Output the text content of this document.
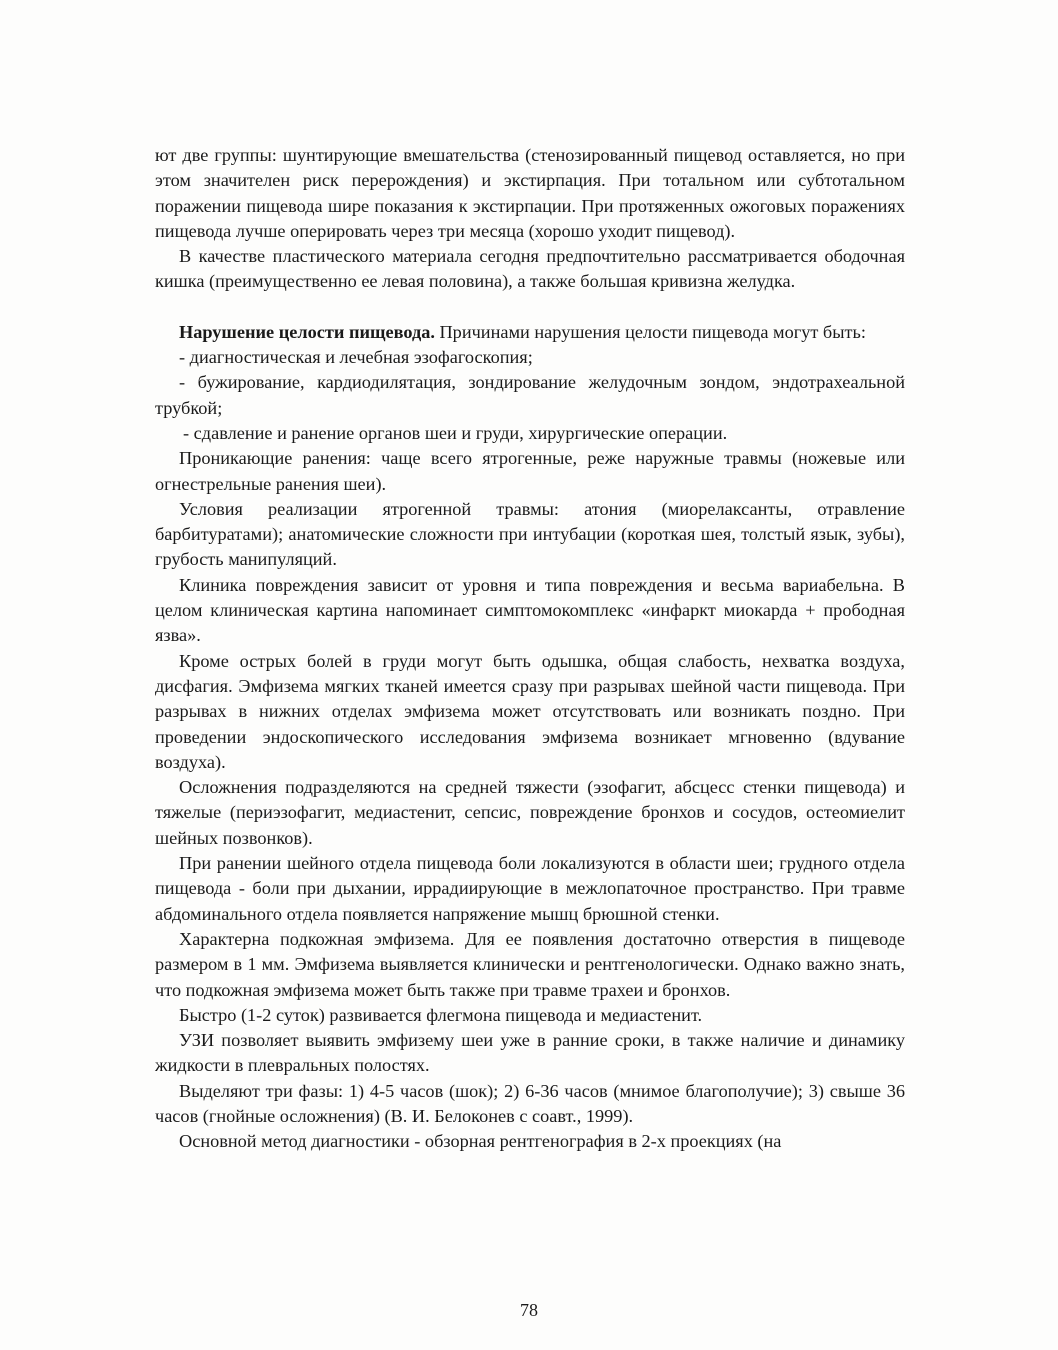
ют две группы: шунтирующие вмешательства (стенозированный пищевод оставляется, но при этом значителен риск перерождения) и экстирпация. При тотальном или субтотальном поражении пищевода шире показания к экстирпации. При протяженных ожоговых поражениях пищевода лучше оперировать через три месяца (хорошо уходит пищевод).

В качестве пластического материала сегодня предпочтительно рассматривается ободочная кишка (преимущественно ее левая половина), а также большая кривизна желудка.

Нарушение целости пищевода. Причинами нарушения целости пищевода могут быть:

- диагностическая и лечебная эзофагоскопия;

- бужирование, кардиодилятация, зондирование желудочным зондом, эндотрахеальной трубкой;

- сдавление и ранение органов шеи и груди, хирургические операции.

Проникающие ранения: чаще всего ятрогенные, реже наружные травмы (ножевые или огнестрельные ранения шеи).

Условия реализации ятрогенной травмы: атония (миорелаксанты, отравление барбитуратами); анатомические сложности при интубации (короткая шея, толстый язык, зубы), грубость манипуляций.

Клиника повреждения зависит от уровня и типа повреждения и весьма вариабельна. В целом клиническая картина напоминает симптомокомплекс «инфаркт миокарда + прободная язва».

Кроме острых болей в груди могут быть одышка, общая слабость, нехватка воздуха, дисфагия. Эмфизема мягких тканей имеется сразу при разрывах шейной части пищевода. При разрывах в нижних отделах эмфизема может отсутствовать или возникать поздно. При проведении эндоскопического исследования эмфизема возникает мгновенно (вдувание воздуха).

Осложнения подразделяются на средней тяжести (эзофагит, абсцесс стенки пищевода) и тяжелые (периэзофагит, медиастенит, сепсис, повреждение бронхов и сосудов, остеомиелит шейных позвонков).

При ранении шейного отдела пищевода боли локализуются в области шеи; грудного отдела пищевода - боли при дыхании, иррадиирующие в межлопаточное пространство. При травме абдоминального отдела появляется напряжение мышц брюшной стенки.

Характерна подкожная эмфизема. Для ее появления достаточно отверстия в пищеводе размером в 1 мм. Эмфизема выявляется клинически и рентгенологически. Однако важно знать, что подкожная эмфизема может быть также при травме трахеи и бронхов.

Быстро (1-2 суток) развивается флегмона пищевода и медиастенит.

УЗИ позволяет выявить эмфизему шеи уже в ранние сроки, в также наличие и динамику жидкости в плевральных полостях.

Выделяют три фазы: 1) 4-5 часов (шок); 2) 6-36 часов (мнимое благополучие); 3) свыше 36 часов (гнойные осложнения) (В. И. Белоконев с соавт., 1999).

Основной метод диагностики - обзорная рентгенография в 2-х проекциях (на

78
